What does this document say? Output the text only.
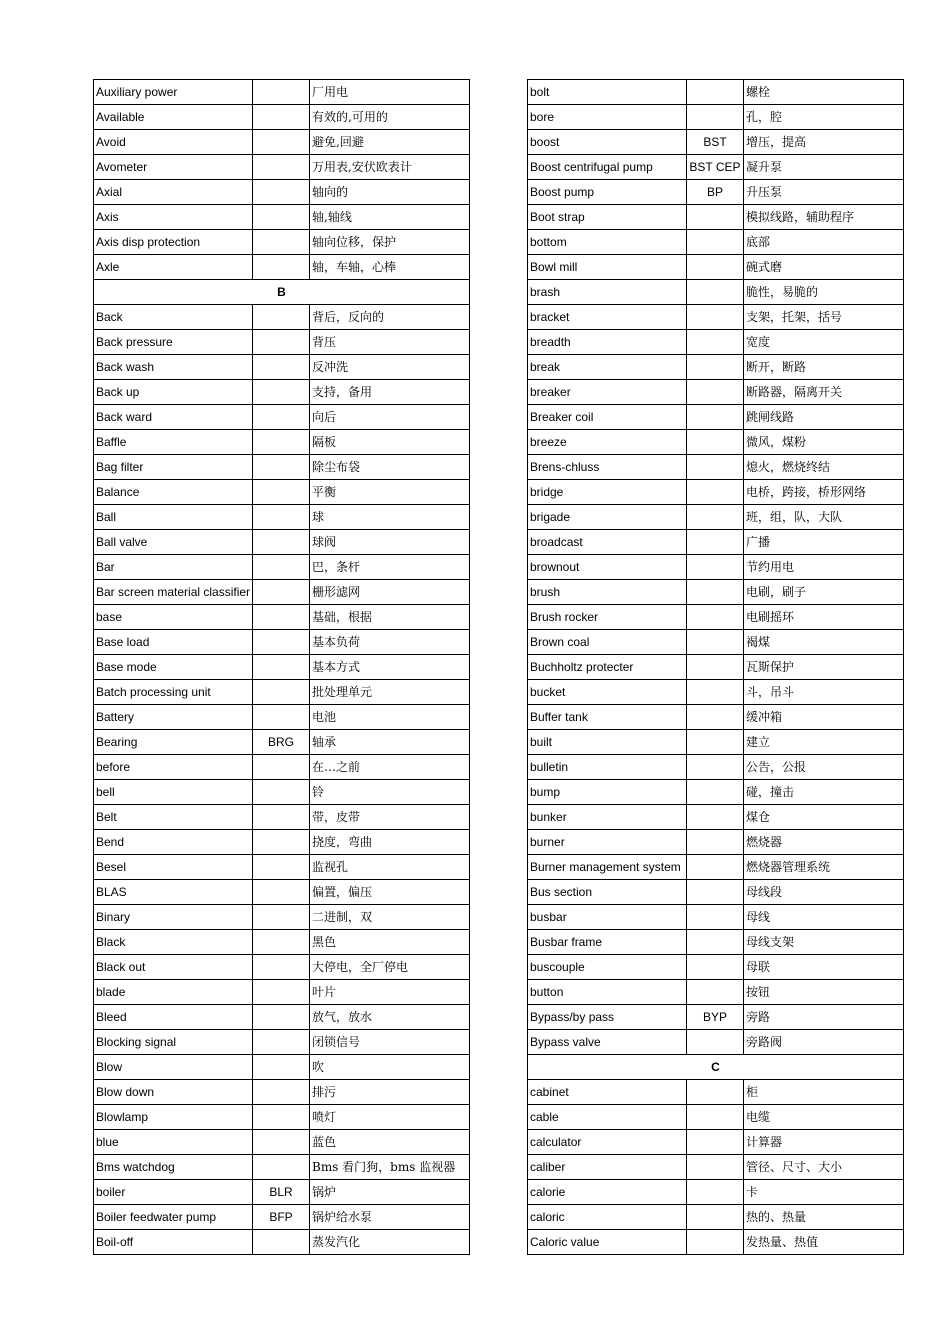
Auxiliary power		厂用电
Available		有效的,可用的
Avoid		避免,回避
Avometer		万用表,安伏欧表计
Axial		轴向的
Axis		轴,轴线
Axis disp protection		轴向位移，保护
Axle		轴，车轴，心棒
B		
Back		背后，反向的
Back pressure		背压
Back wash		反冲洗
Back up		支持，备用
Back ward		向后
Baffle		隔板
Bag filter		除尘布袋
Balance		平衡
Ball		球
Ball valve		球阀
Bar		巴，条杆
Bar screen material classifier		栅形滤网
base		基础，根据
Base load		基本负荷
Base mode		基本方式
Batch processing unit		批处理单元
Battery		电池
Bearing	BRG	轴承
before		在…之前
bell		铃
Belt		带，皮带
Bend		挠度，弯曲
Besel		监视孔
BLAS		偏置，偏压
Binary		二进制，双
Black		黑色
Black out		大停电，全厂停电
blade		叶片
Bleed		放气，放水
Blocking signal		闭锁信号
Blow		吹
Blow down		排污
Blowlamp		喷灯
blue		蓝色
Bms watchdog		Bms 看门狗，bms 监视器
boiler	BLR	锅炉
Boiler feedwater pump	BFP	锅炉给水泵
Boil-off		蒸发汽化
bolt		螺栓
bore		孔，腔
boost	BST	增压，提高
Boost centrifugal pump	BST CEP	凝升泵
Boost pump	BP	升压泵
Boot strap		模拟线路，辅助程序
bottom		底部
Bowl mill		碗式磨
brash		脆性，易脆的
bracket		支架，托架，括号
breadth		宽度
break		断开，断路
breaker		断路器，隔离开关
Breaker coil		跳闸线路
breeze		微风，煤粉
Brens-chluss		熄火，燃烧终结
bridge		电桥，跨接，桥形网络
brigade		班，组，队，大队
broadcast		广播
brownout		节约用电
brush		电刷，刷子
Brush rocker		电刷摇环
Brown coal		褐煤
Buchholtz protecter		瓦斯保护
bucket		斗，吊斗
Buffer tank		缓冲箱
built		建立
bulletin		公告，公报
bump		碰，撞击
bunker		煤仓
burner		燃烧器
Burner management system		燃烧器管理系统
Bus section		母线段
busbar		母线
Busbar frame		母线支架
buscouple		母联
button		按钮
Bypass/by pass	BYP	旁路
Bypass valve		旁路阀
C		
cabinet		柜
cable		电缆
calculator		计算器
caliber		管径、尺寸、大小
calorie		卡
caloric		热的、热量
Caloric value		发热量、热值
